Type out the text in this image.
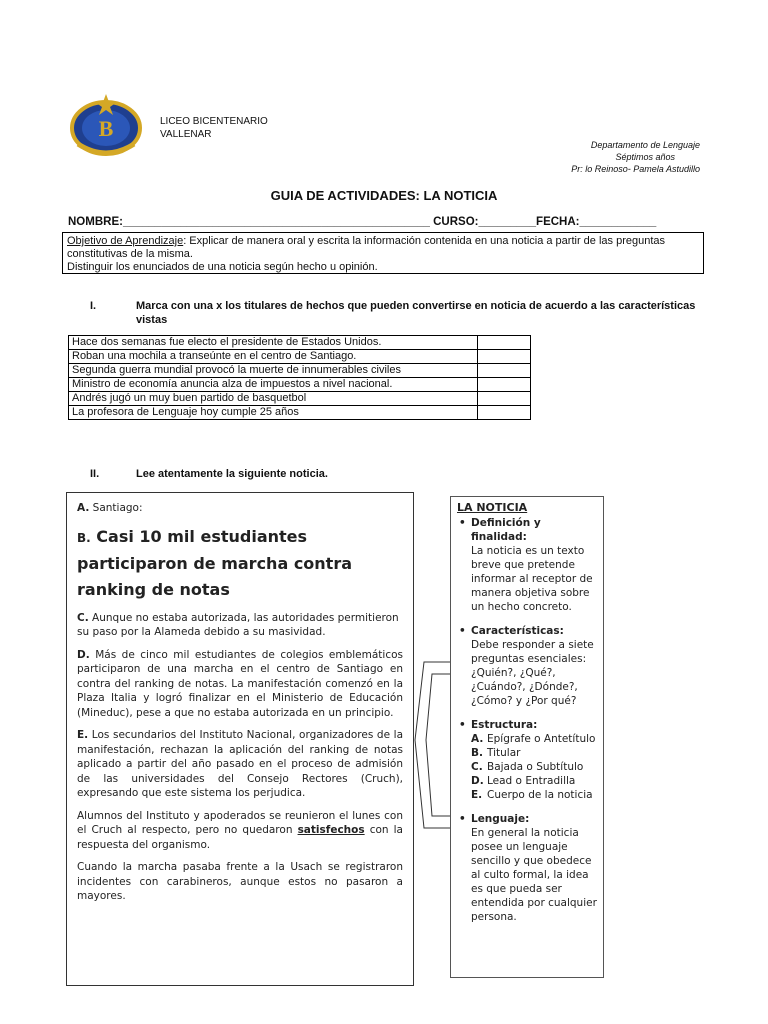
B	LICEO BICENTENARIO
VALLENAR
Departamento de Lenguaje
Séptimos años
Pr: lo Reinoso- Pamela Astudillo
GUIA DE ACTIVIDADES: LA NOTICIA
NOMBRE:________________________________________________ CURSO:_________FECHA:____________
Objetivo de Aprendizaje: Explicar de manera oral y escrita la información contenida en una noticia a partir de las preguntas constitutivas de la misma.
Distinguir los enunciados de una noticia según hecho u opinión.
I.	Marca con una x los titulares de hechos que pueden convertirse en noticia de acuerdo a las características vistas
Hace dos semanas fue electo el presidente de Estados Unidos.	
Roban una mochila a transeúnte en el centro de Santiago.	
Segunda guerra mundial provocó la muerte de innumerables civiles	
Ministro de economía anuncia alza de impuestos a nivel nacional.	
Andrés jugó un muy buen partido de basquetbol	
La profesora de Lenguaje hoy cumple 25 años	
II.	Lee atentamente la siguiente noticia.

A. Santiago:

B. Casi 10 mil estudiantes participaron de marcha contra ranking de notas

C. Aunque no estaba autorizada, las autoridades permitieron su paso por la Alameda debido a su masividad.

D. Más de cinco mil estudiantes de colegios emblemáticos participaron de una marcha en el centro de Santiago en contra del ranking de notas. La manifestación comenzó en la Plaza Italia y logró finalizar en el Ministerio de Educación (Mineduc), pese a que no estaba autorizada en un principio.

E. Los secundarios del Instituto Nacional, organizadores de la manifestación, rechazan la aplicación del ranking de notas aplicado a partir del año pasado en el proceso de admisión de las universidades del Consejo Rectores (Cruch), expresando que este sistema los perjudica.

Alumnos del Instituto y apoderados se reunieron el lunes con el Cruch al respecto, pero no quedaron satisfechos con la respuesta del organismo.

Cuando la marcha pasaba frente a la Usach se registraron incidentes con carabineros, aunque estos no pasaron a mayores.

LA NOTICIA
• Definición y finalidad:
La noticia es un texto breve que pretende informar al receptor de manera objetiva sobre un hecho concreto.
• Características:
Debe responder a siete preguntas esenciales: ¿Quién?, ¿Qué?, ¿Cuándo?, ¿Dónde?, ¿Cómo? y ¿Por qué?
• Estructura:
A. Epígrafe o Antetítulo
B. Titular
C. Bajada o Subtítulo
D. Lead o Entradilla
E. Cuerpo de la noticia
• Lenguaje:
En general la noticia posee un lenguaje sencillo y que obedece al culto formal, la idea es que pueda ser entendida por cualquier persona.
